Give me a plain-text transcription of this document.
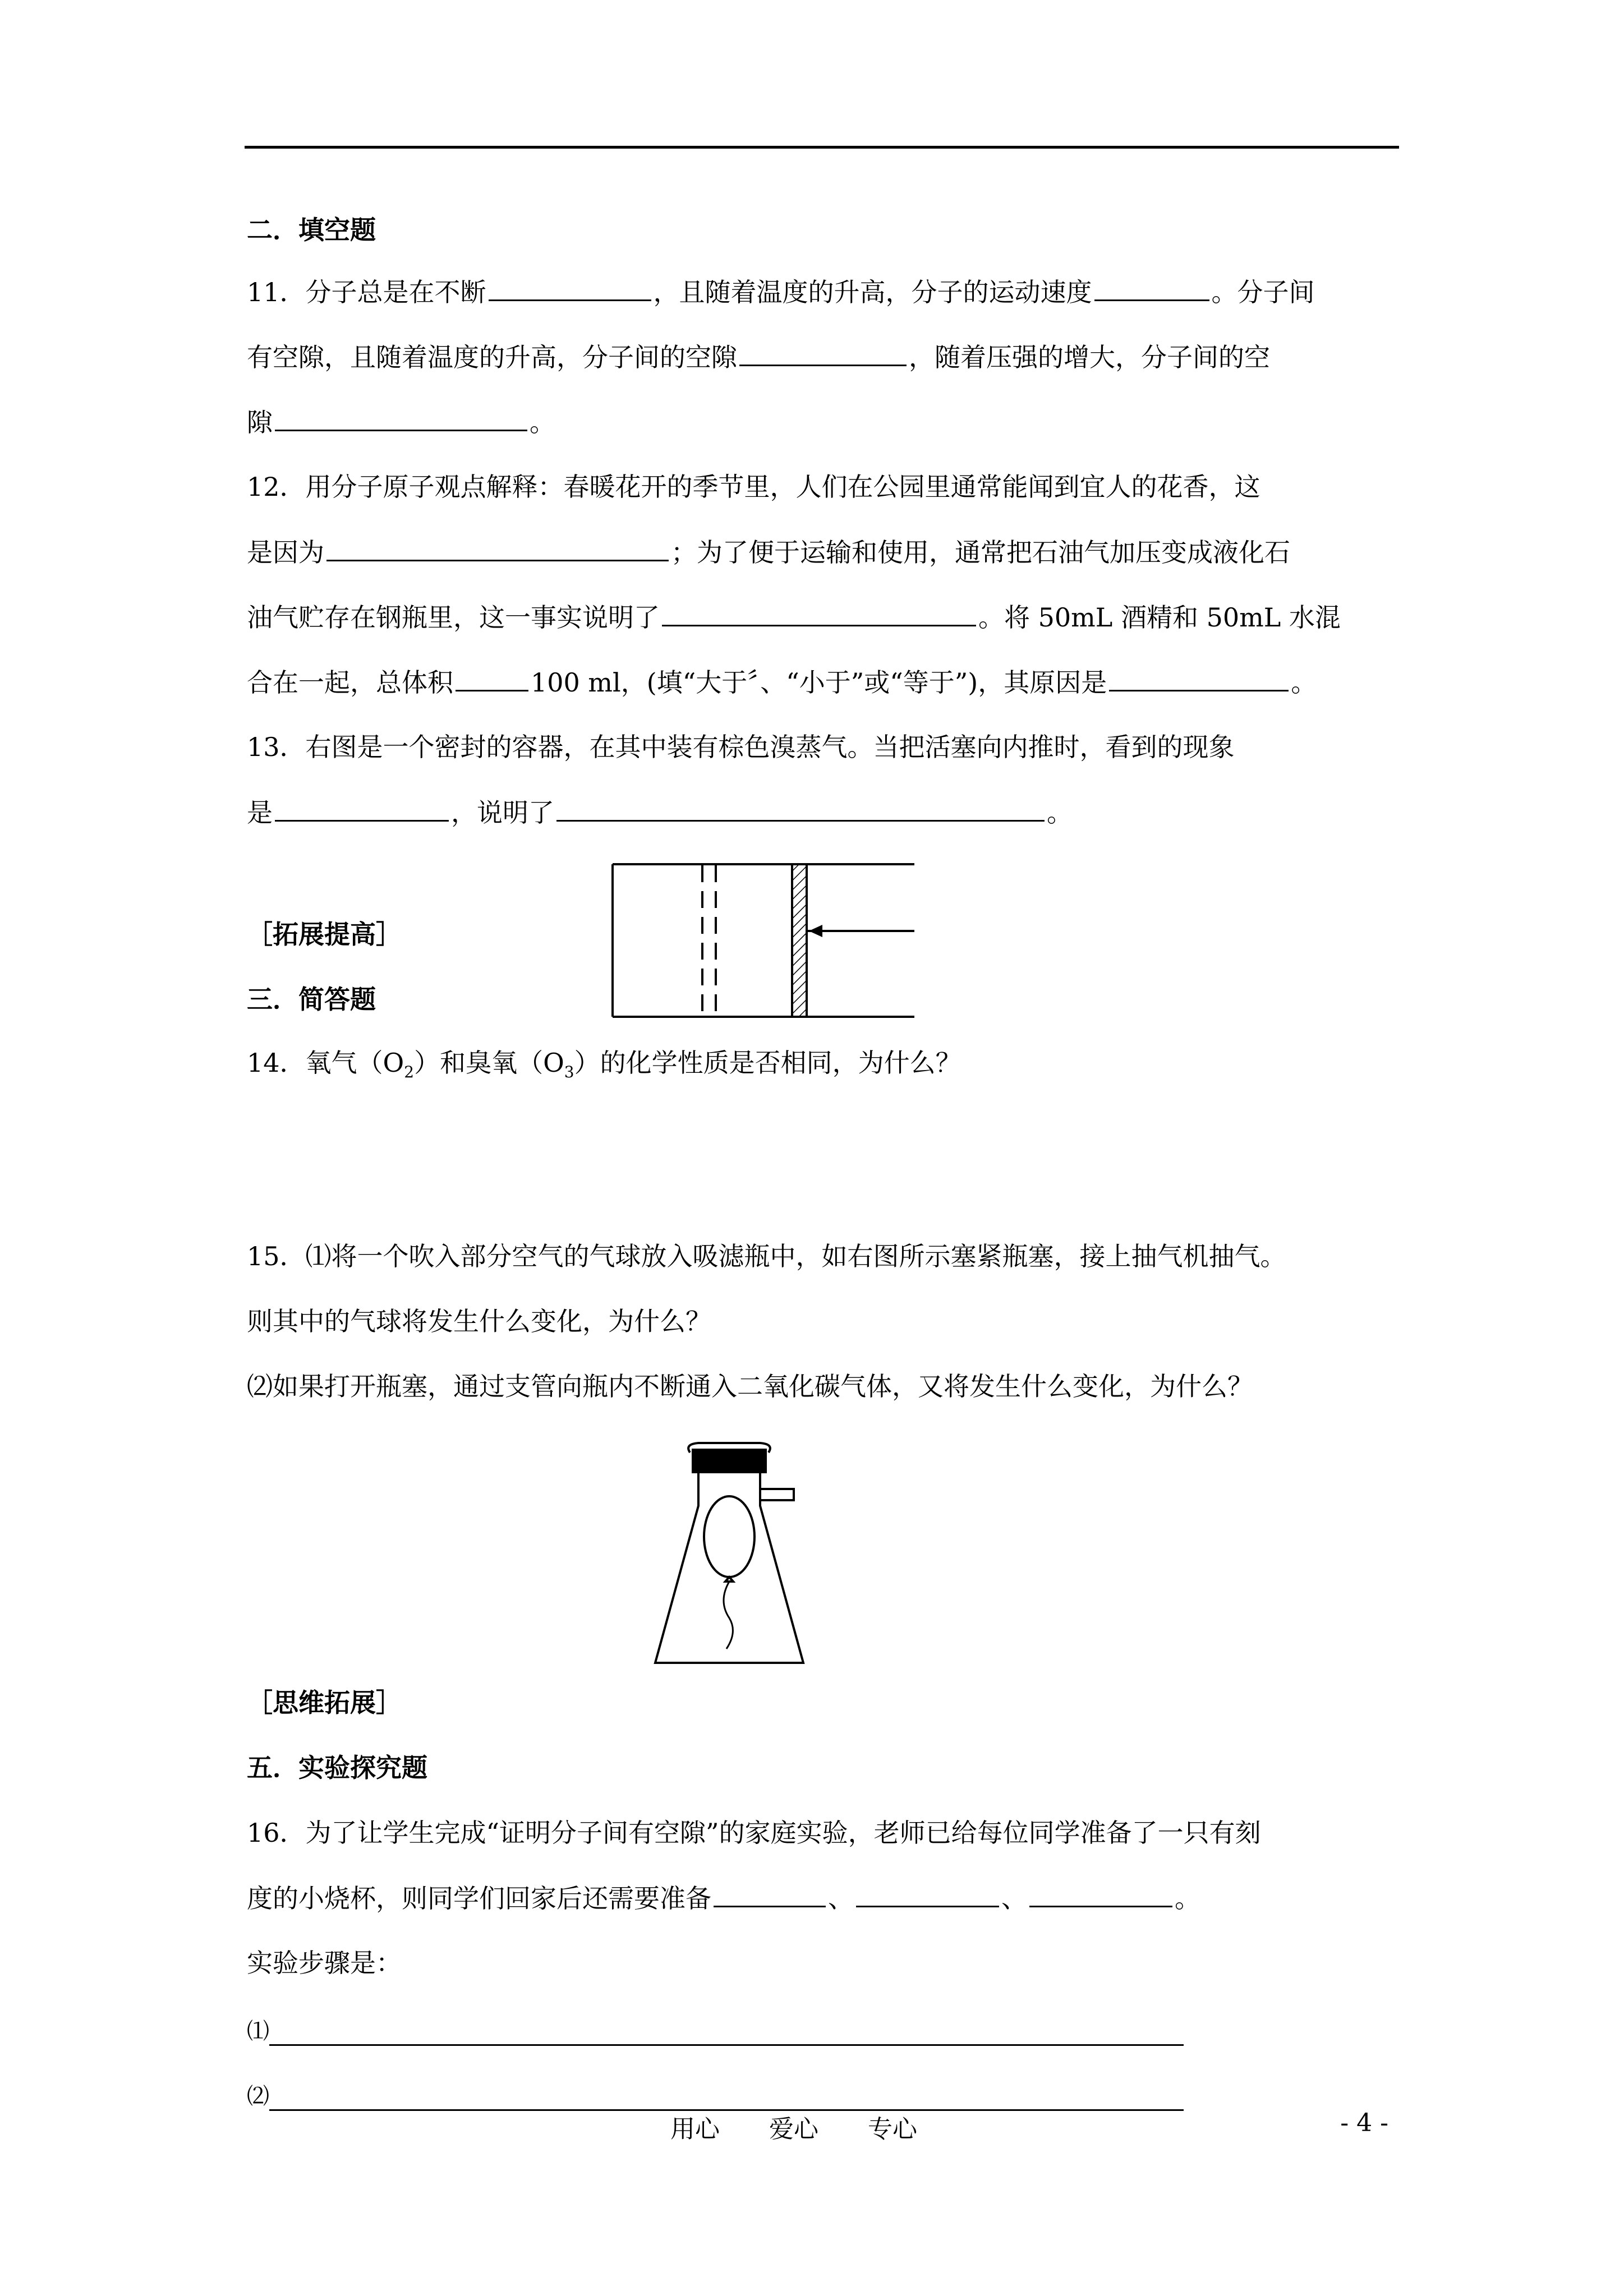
二．填空题
11．分子总是在不断	，且随着温度的升高，分子的运动速度	。分子间
有空隙，且随着温度的升高，分子间的空隙	，随着压强的增大，分子间的空
隙	。
12．用分子原子观点解释：春暖花开的季节里，人们在公园里通常能闻到宜人的花香，这
是因为	；为了便于运输和使用，通常把石油气加压变成液化石
油气贮存在钢瓶里，这一事实说明了	。将 50mL 酒精和 50mL 水混
合在一起，总体积	100 ml，(填“大于〞、“小于”或“等于”)，其原因是	。
13．右图是一个密封的容器，在其中装有棕色溴蒸气。当把活塞向内推时，看到的现象
是	，说明了	。
［拓展提高］
三．简答题
14．氧气$(O_2)$和臭氧$(O_3)$的化学性质是否相同，为什么？
15．⑴将一个吹入部分空气的气球放入吸滤瓶中，如右图所示塞紧瓶塞，接上抽气机抽气。
则其中的气球将发生什么变化，为什么？
⑵如果打开瓶塞，通过支管向瓶内不断通入二氧化碳气体，又将发生什么变化，为什么？
［思维拓展］
五．实验探究题
16．为了让学生完成“证明分子间有空隙”的家庭实验，老师已给每位同学准备了一只有刻
度的小烧杯，则同学们回家后还需要准备	、	、	。
实验步骤是：
⑴
⑵
用心　　爱心　　专心	- 4 -
